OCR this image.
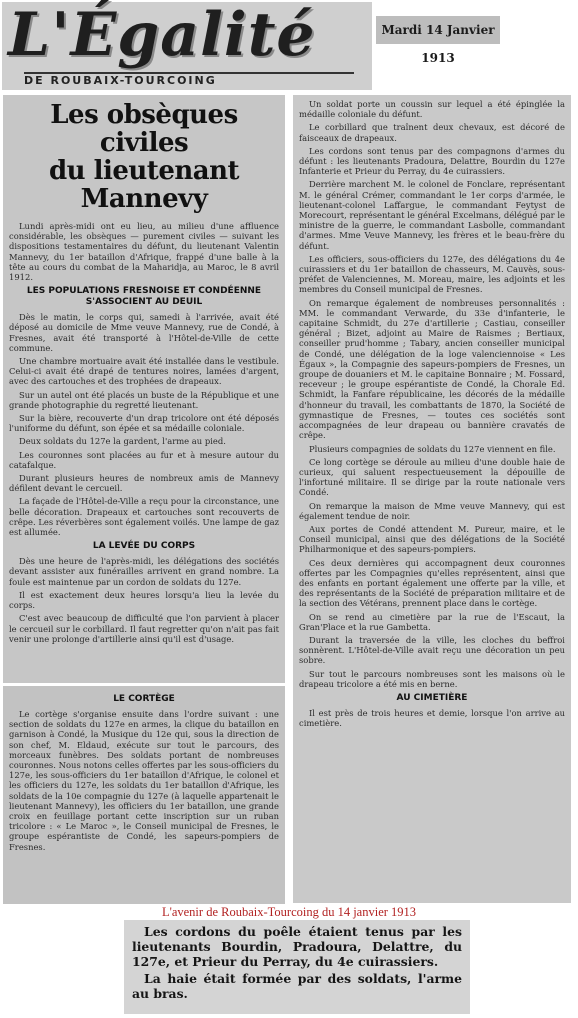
L'Égalité
DE ROUBAIX-TOURCOING
Mardi 14 Janvier 1913
Les obsèques civiles
du lieutenant Mannevy

Lundi après-midi ont eu lieu, au milieu d'une affluence considérable, les obsèques — purement civiles — suivant les dispositions testamentaires du défunt, du lieutenant Valentin Mannevy, du 1er bataillon d'Afrique, frappé d'une balle à la tête au cours du combat de la Maharidja, au Maroc, le 8 avril 1912.

LES POPULATIONS FRESNOISE ET CONDÉENNE S'ASSOCIENT AU DEUIL

Dès le matin, le corps qui, samedi à l'arrivée, avait été déposé au domicile de Mme veuve Mannevy, rue de Condé, à Fresnes, avait été transporté à l'Hôtel-de-Ville de cette commune.

Une chambre mortuaire avait été installée dans le vestibule. Celui-ci avait été drapé de tentures noires, lamées d'argent, avec des cartouches et des trophées de drapeaux.

Sur un autel ont été placés un buste de la République et une grande photographie du regretté lieutenant.

Sur la bière, recouverte d'un drap tricolore ont été déposés l'uniforme du défunt, son épée et sa médaille coloniale.

Deux soldats du 127e la gardent, l'arme au pied.

Les couronnes sont placées au fur et à mesure autour du catafalque.

Durant plusieurs heures de nombreux amis de Mannevy défilent devant le cercueil.

La façade de l'Hôtel-de-Ville a reçu pour la circonstance, une belle décoration. Drapeaux et cartouches sont recouverts de crêpe. Les réverbères sont également voilés. Une lampe de gaz est allumée.

LA LEVÉE DU CORPS

Dès une heure de l'après-midi, les délégations des sociétés devant assister aux funérailles arrivent en grand nombre. La foule est maintenue par un cordon de soldats du 127e.

Il est exactement deux heures lorsqu'a lieu la levée du corps.

C'est avec beaucoup de difficulté que l'on parvient à placer le cercueil sur le corbillard. Il faut regretter qu'on n'ait pas fait venir une prolonge d'artillerie ainsi qu'il est d'usage.

LE CORTÈGE

Le cortège s'organise ensuite dans l'ordre suivant : une section de soldats du 127e en armes, la clique du bataillon en garnison à Condé, la Musique du 12e qui, sous la direction de son chef, M. Eldaud, exécute sur tout le parcours, des morceaux funèbres. Des soldats portant de nombreuses couronnes. Nous notons celles offertes par les sous-officiers du 127e, les sous-officiers du 1er bataillon d'Afrique, le colonel et les officiers du 127e, les soldats du 1er bataillon d'Afrique, les soldats de la 10e compagnie du 127e (à laquelle appartenait le lieutenant Mannevy), les officiers du 1er bataillon, une grande croix en feuillage portant cette inscription sur un ruban tricolore : « Le Maroc », le Conseil municipal de Fresnes, le groupe espérantiste de Condé, les sapeurs-pompiers de Fresnes.

Un soldat porte un coussin sur lequel a été épinglée la médaille coloniale du défunt.

Le corbillard que traînent deux chevaux, est décoré de faisceaux de drapeaux.

Les cordons sont tenus par des compagnons d'armes du défunt : les lieutenants Pradoura, Delattre, Bourdin du 127e Infanterie et Prieur du Perray, du 4e cuirassiers.

Derrière marchent M. le colonel de Fonclare, représentant M. le général Crémer, commandant le 1er corps d'armée, le lieutenant-colonel Laffargue, le commandant Feytyst de Morecourt, représentant le général Excelmans, délégué par le ministre de la guerre, le commandant Lasbolle, commandant d'armes. Mme Veuve Mannevy, les frères et le beau-frère du défunt.

Les officiers, sous-officiers du 127e, des délégations du 4e cuirassiers et du 1er bataillon de chasseurs, M. Cauvès, sous-préfet de Valenciennes, M. Moreau, maire, les adjoints et les membres du Conseil municipal de Fresnes.

On remarque également de nombreuses personnalités : MM. le commandant Verwarde, du 33e d'infanterie, le capitaine Schmidt, du 27e d'artillerie ; Castiau, conseiller général ; Bizet, adjoint au Maire de Raismes ; Bertiaux, conseiller prud'homme ; Tabary, ancien conseiller municipal de Condé, une délégation de la loge valenciennoise « Les Égaux », la Compagnie des sapeurs-pompiers de Fresnes, un groupe de douaniers et M. le capitaine Bonnaire ; M. Fossard, receveur ; le groupe espérantiste de Condé, la Chorale Ed. Schmidt, la Fanfare républicaine, les décorés de la médaille d'honneur du travail, les combattants de 1870, la Société de gymnastique de Fresnes, — toutes ces sociétés sont accompagnées de leur drapeau ou bannière cravatés de crêpe.

Plusieurs compagnies de soldats du 127e viennent en file.

Ce long cortège se déroule au milieu d'une double haie de curieux, qui saluent respectueusement la dépouille de l'infortuné militaire. Il se dirige par la route nationale vers Condé.

On remarque la maison de Mme veuve Mannevy, qui est également tendue de noir.

Aux portes de Condé attendent M. Pureur, maire, et le Conseil municipal, ainsi que des délégations de la Société Philharmonique et des sapeurs-pompiers.

Ces deux dernières qui accompagnent deux couronnes offertes par les Compagnies qu'elles représentent, ainsi que des enfants en portant également une offerte par la ville, et des représentants de la Société de préparation militaire et de la section des Vétérans, prennent place dans le cortège.

On se rend au cimetière par la rue de l'Escaut, la Gran'Place et la rue Gambetta.

Durant la traversée de la ville, les cloches du beffroi sonnèrent. L'Hôtel-de-Ville avait reçu une décoration un peu sobre.

Sur tout le parcours nombreuses sont les maisons où le drapeau tricolore a été mis en berne.

AU CIMETIÈRE

Il est près de trois heures et demie, lorsque l'on arrive au cimetière.

L'avenir de Roubaix-Tourcoing du 14 janvier 1913

Les cordons du poêle étaient tenus par les lieutenants Bourdin, Pradoura, Delattre, du 127e, et Prieur du Perray, du 4e cuirassiers.

La haie était formée par des soldats, l'arme au bras.
